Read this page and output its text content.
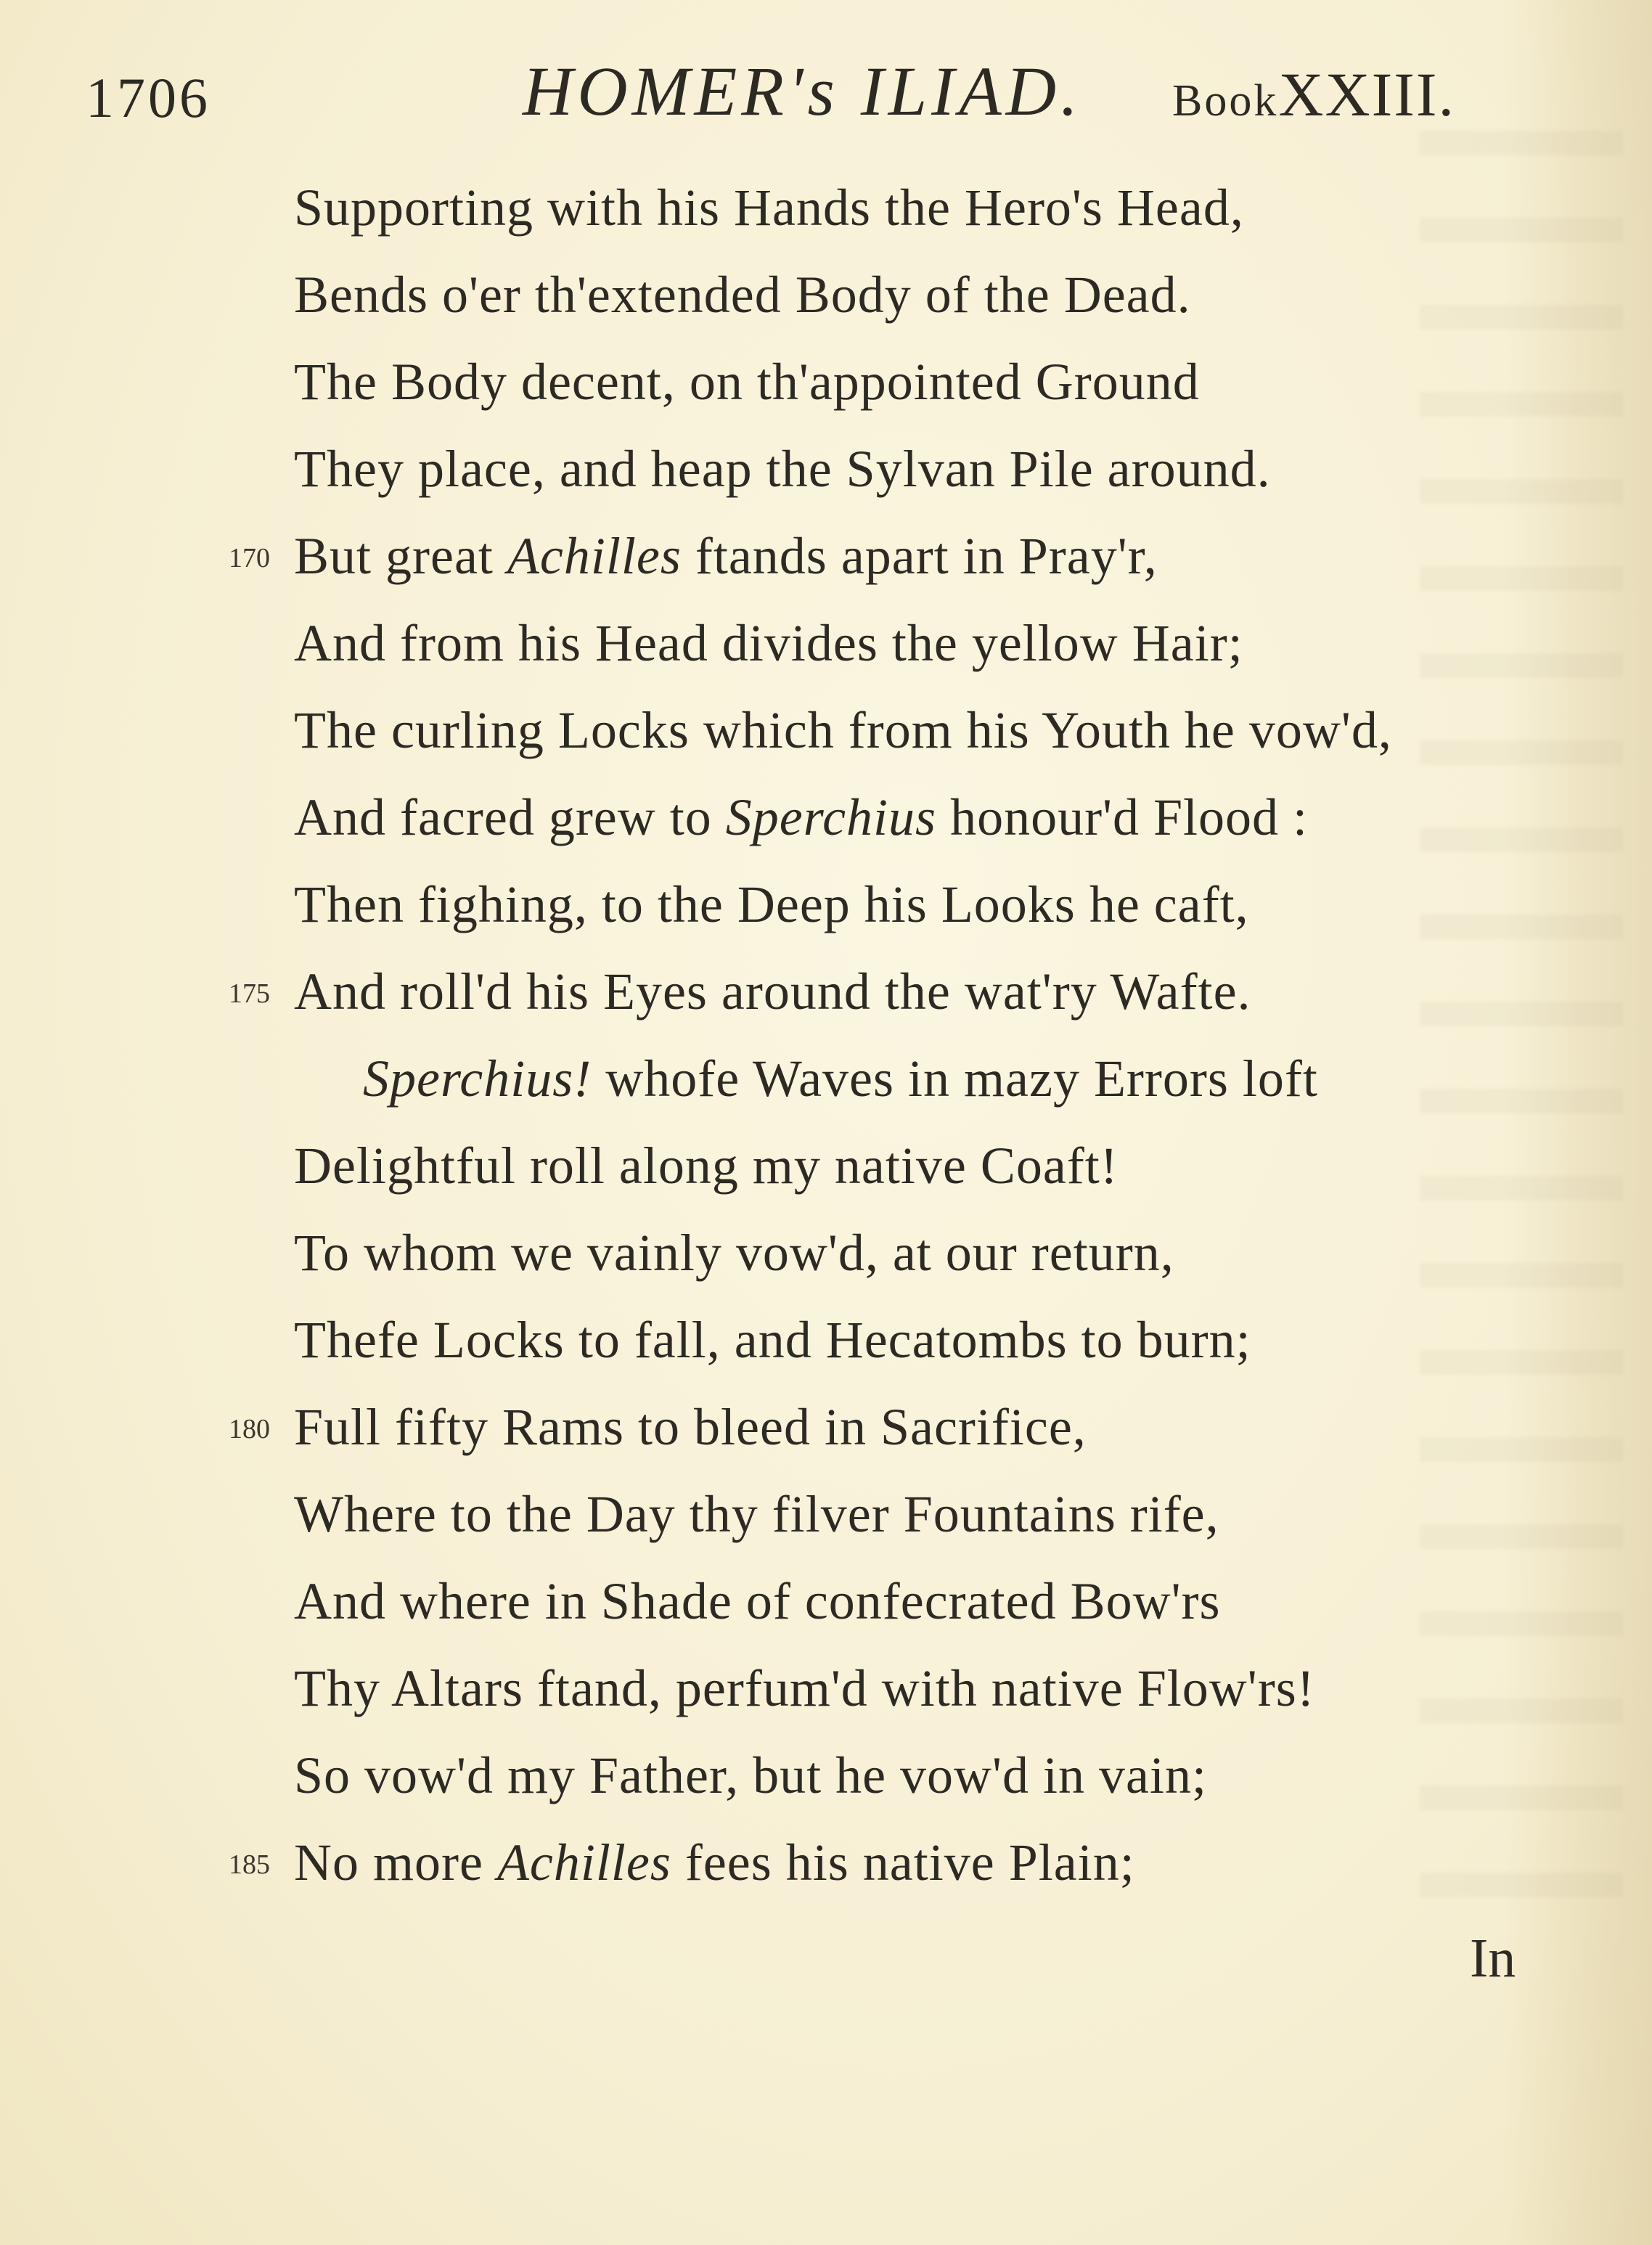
1706	HOMER's ILIAD. BookXXIII.
Supporting with his Hands the Hero's Head,
Bends o'er th'extended Body of the Dead.
The Body decent, on th'appointed Ground
They place, and heap the Sylvan Pile around.
170 But great Achilles ftands apart in Pray'r,
And from his Head divides the yellow Hair;
The curling Locks which from his Youth he vow'd,
And facred grew to Sperchius honour'd Flood :
Then fighing, to the Deep his Looks he caft,
175 And roll'd his Eyes around the wat'ry Wafte.
Sperchius! whofe Waves in mazy Errors loft
Delightful roll along my native Coaft!
To whom we vainly vow'd, at our return,
Thefe Locks to fall, and Hecatombs to burn;
180 Full fifty Rams to bleed in Sacrifice,
Where to the Day thy filver Fountains rife,
And where in Shade of confecrated Bow'rs
Thy Altars ftand, perfum'd with native Flow'rs!
So vow'd my Father, but he vow'd in vain;
185 No more Achilles fees his native Plain;
In
